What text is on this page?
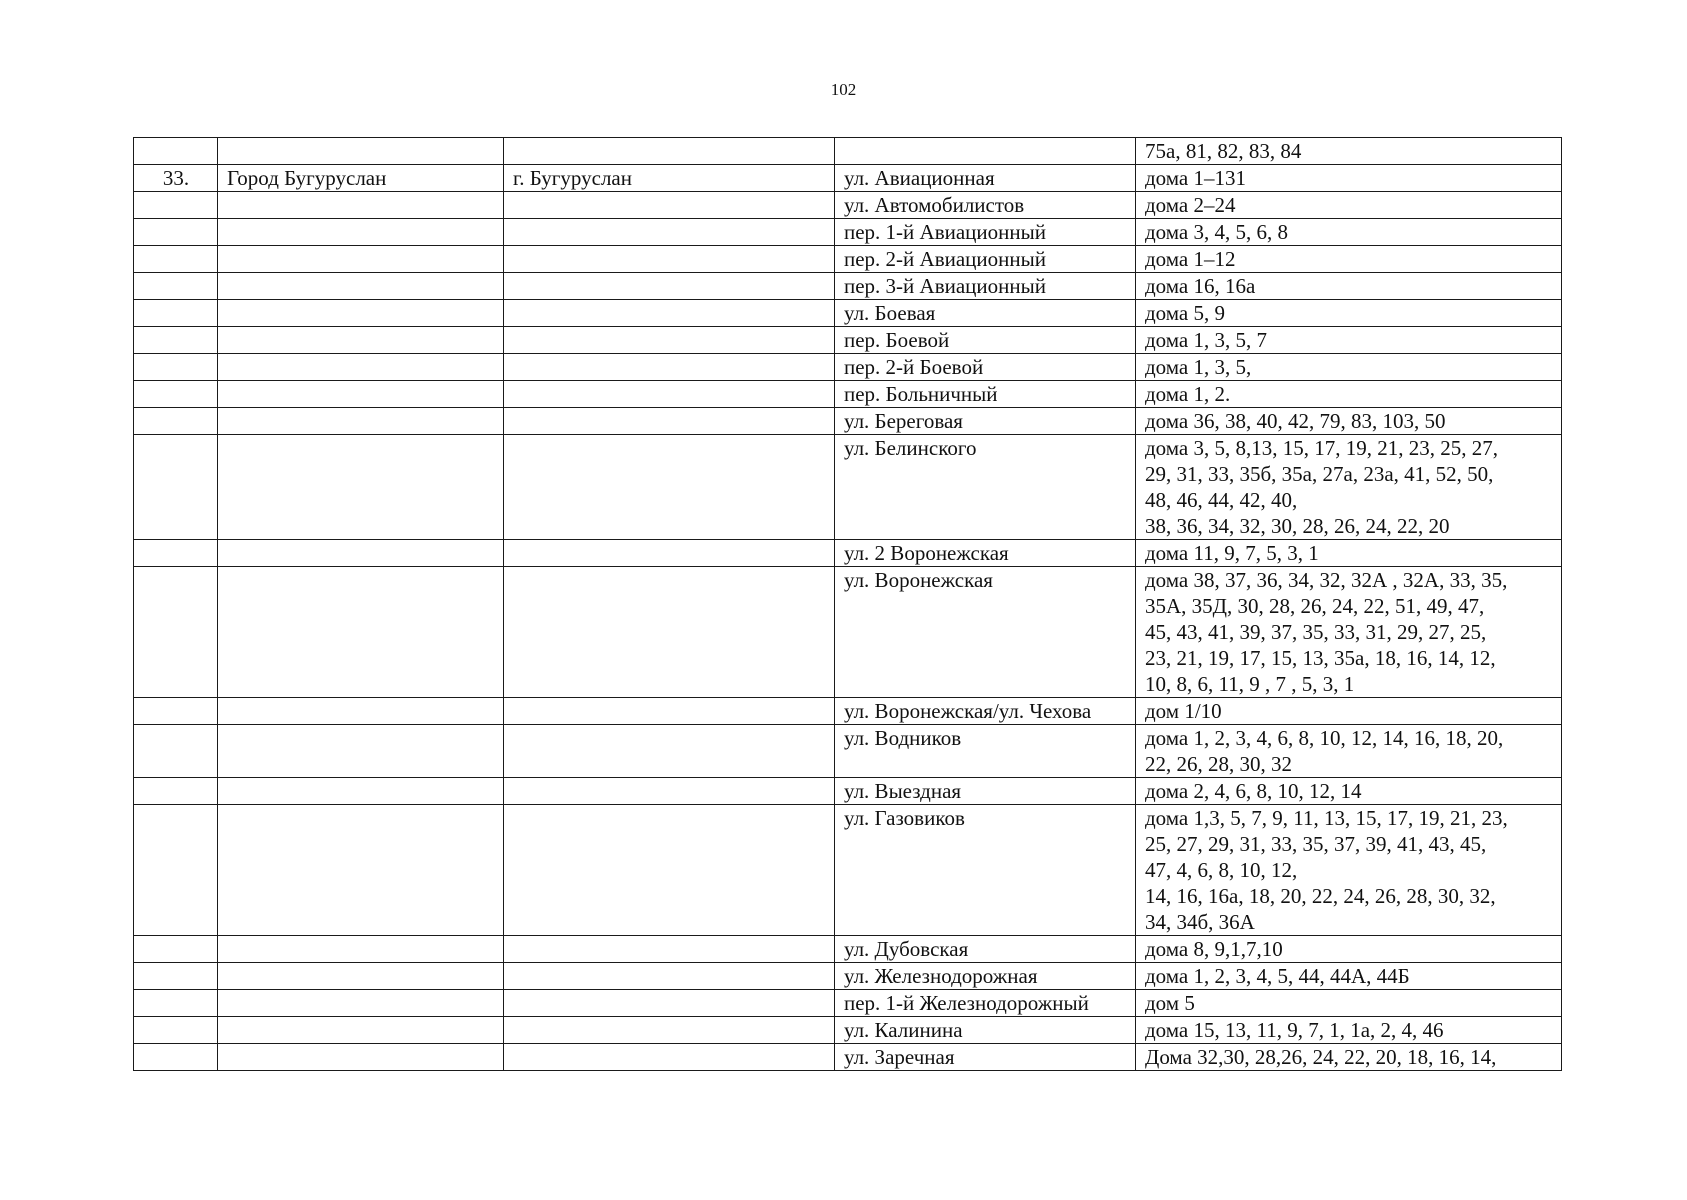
102
				75а, 81, 82, 83, 84
33.	Город Бугуруслан	г. Бугуруслан	ул. Авиационная	дома 1–131
			ул. Автомобилистов	дома 2–24
			пер. 1-й Авиационный	дома 3, 4, 5, 6, 8
			пер. 2-й Авиационный	дома 1–12
			пер. 3-й Авиационный	дома 16, 16а
			ул. Боевая	дома 5, 9
			пер. Боевой	дома 1, 3, 5, 7
			пер. 2-й Боевой	дома 1, 3, 5,
			пер. Больничный	дома 1, 2.
			ул. Береговая	дома 36, 38, 40, 42, 79, 83, 103, 50
			ул. Белинского	дома 3, 5, 8,13, 15, 17, 19, 21, 23, 25, 27,
29, 31, 33, 35б, 35а, 27а, 23а, 41, 52, 50,
48, 46, 44, 42, 40,
38, 36, 34, 32, 30, 28, 26, 24, 22, 20
			ул. 2 Воронежская	дома 11, 9, 7, 5, 3, 1
			ул. Воронежская	дома 38, 37, 36, 34, 32, 32А , 32А, 33, 35,
35А, 35Д, 30, 28, 26, 24, 22, 51, 49, 47,
45, 43, 41, 39, 37, 35, 33, 31, 29, 27, 25,
23, 21, 19, 17, 15, 13, 35а, 18, 16, 14, 12,
10, 8, 6, 11, 9 , 7 , 5, 3, 1
			ул. Воронежская/ул. Чехова	дом 1/10
			ул. Водников	дома 1, 2, 3, 4, 6, 8, 10, 12, 14, 16, 18, 20,
22, 26, 28, 30, 32
			ул. Выездная	дома 2, 4, 6, 8, 10, 12, 14
			ул. Газовиков	дома 1,3, 5, 7, 9, 11, 13, 15, 17, 19, 21, 23,
25, 27, 29, 31, 33, 35, 37, 39, 41, 43, 45,
47, 4, 6, 8, 10, 12,
14, 16, 16а, 18, 20, 22, 24, 26, 28, 30, 32,
34, 34б, 36А
			ул. Дубовская	дома 8, 9,1,7,10
			ул. Железнодорожная	дома 1, 2, 3, 4, 5, 44, 44А, 44Б
			пер. 1-й Железнодорожный	дом 5
			ул. Калинина	дома 15, 13, 11, 9, 7, 1, 1а, 2, 4, 46
			ул. Заречная	Дома 32,30, 28,26, 24, 22, 20, 18, 16, 14,
